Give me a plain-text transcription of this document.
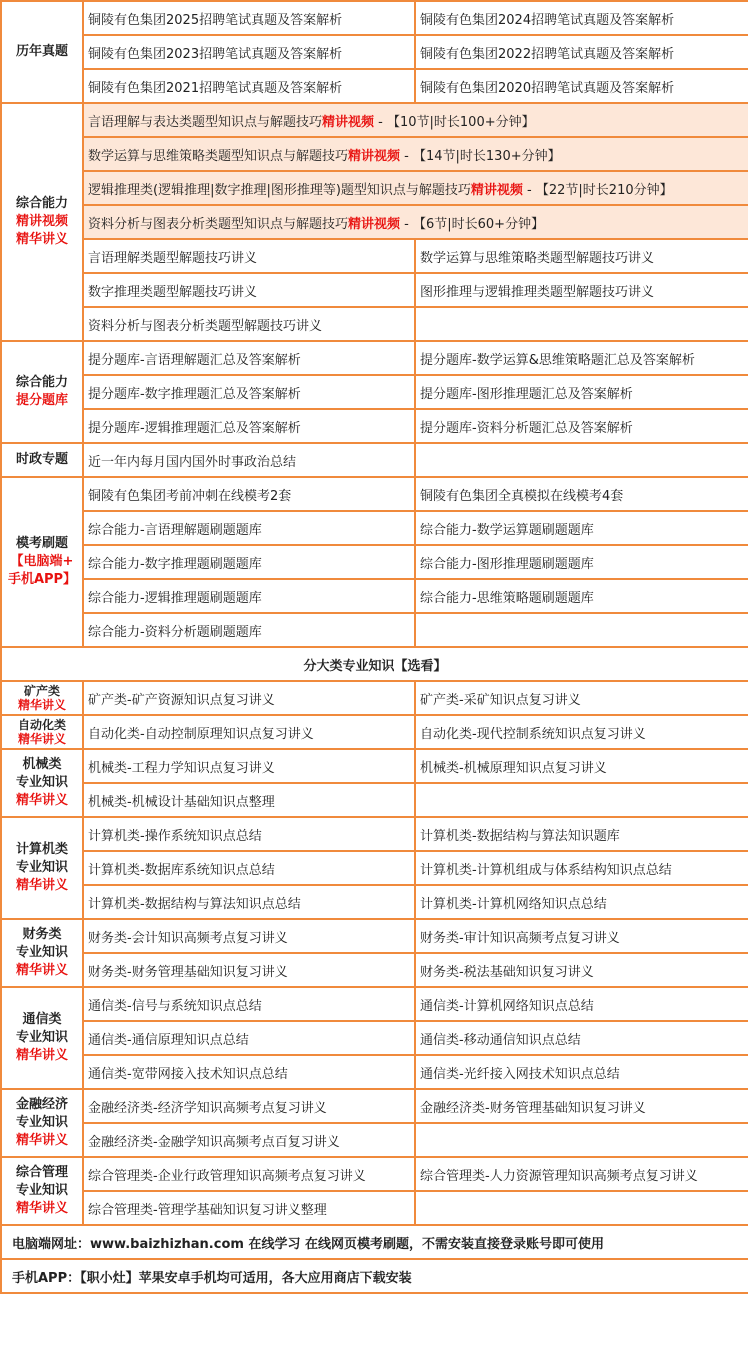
历年真题	铜陵有色集团2025招聘笔试真题及答案解析	铜陵有色集团2024招聘笔试真题及答案解析
	铜陵有色集团2023招聘笔试真题及答案解析	铜陵有色集团2022招聘笔试真题及答案解析
	铜陵有色集团2021招聘笔试真题及答案解析	铜陵有色集团2020招聘笔试真题及答案解析

综合能力
精讲视频
精华讲义	言语理解与表达类题型知识点与解题技巧精讲视频 - 【10节|时长100+分钟】	
	数学运算与思维策略类题型知识点与解题技巧精讲视频 - 【14节|时长130+分钟】	
	逻辑推理类(逻辑推理|数字推理|图形推理等)题型知识点与解题技巧精讲视频 - 【22节|时长210分钟】	
	资料分析与图表分析类题型知识点与解题技巧精讲视频 - 【6节|时长60+分钟】	
	言语理解类题型解题技巧讲义	数学运算与思维策略类题型解题技巧讲义
	数字推理类题型解题技巧讲义	图形推理与逻辑推理类题型解题技巧讲义
	资料分析与图表分析类题型解题技巧讲义	

综合能力
提分题库	提分题库-言语理解题汇总及答案解析	提分题库-数学运算&思维策略题汇总及答案解析
	提分题库-数字推理题汇总及答案解析	提分题库-图形推理题汇总及答案解析
	提分题库-逻辑推理题汇总及答案解析	提分题库-资料分析题汇总及答案解析

时政专题	近一年内每月国内国外时事政治总结	

模考刷题
【电脑端+
手机APP】	铜陵有色集团考前冲刺在线模考2套	铜陵有色集团全真模拟在线模考4套
	综合能力-言语理解题刷题题库	综合能力-数学运算题刷题题库
	综合能力-数字推理题刷题题库	综合能力-图形推理题刷题题库
	综合能力-逻辑推理题刷题题库	综合能力-思维策略题刷题题库
	综合能力-资料分析题刷题题库	
分大类专业知识【选看】		

矿产类
精华讲义	矿产类-矿产资源知识点复习讲义	矿产类-采矿知识点复习讲义

自动化类
精华讲义	自动化类-自动控制原理知识点复习讲义	自动化类-现代控制系统知识点复习讲义

机械类
专业知识
精华讲义	机械类-工程力学知识点复习讲义	机械类-机械原理知识点复习讲义
	机械类-机械设计基础知识点整理	

计算机类
专业知识
精华讲义	计算机类-操作系统知识点总结	计算机类-数据结构与算法知识题库
	计算机类-数据库系统知识点总结	计算机类-计算机组成与体系结构知识点总结
	计算机类-数据结构与算法知识点总结	计算机类-计算机网络知识点总结

财务类
专业知识
精华讲义	财务类-会计知识高频考点复习讲义	财务类-审计知识高频考点复习讲义
	财务类-财务管理基础知识复习讲义	财务类-税法基础知识复习讲义

通信类
专业知识
精华讲义	通信类-信号与系统知识点总结	通信类-计算机网络知识点总结
	通信类-通信原理知识点总结	通信类-移动通信知识点总结
	通信类-宽带网接入技术知识点总结	通信类-光纤接入网技术知识点总结

金融经济
专业知识
精华讲义	金融经济类-经济学知识高频考点复习讲义	金融经济类-财务管理基础知识复习讲义
	金融经济类-金融学知识高频考点百复习讲义	

综合管理
专业知识
精华讲义	综合管理类-企业行政管理知识高频考点复习讲义	综合管理类-人力资源管理知识高频考点复习讲义
	综合管理类-管理学基础知识复习讲义整理	
电脑端网址：www.baizhizhan.com 在线学习 在线网页模考刷题，不需安装直接登录账号即可使用		
手机APP：【职小灶】苹果安卓手机均可适用，各大应用商店下载安装		
